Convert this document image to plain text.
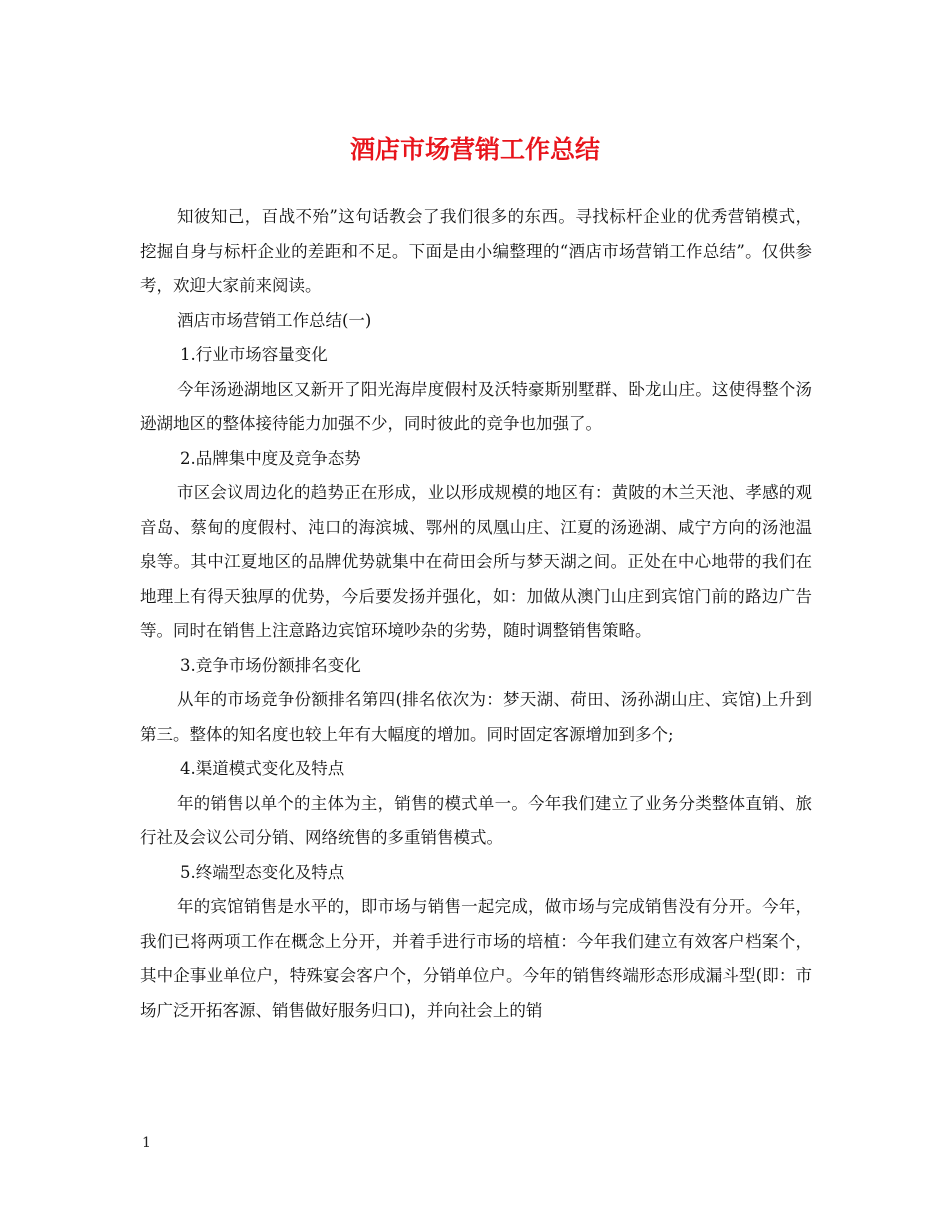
酒店市场营销工作总结

知彼知己，百战不殆”这句话教会了我们很多的东西。寻找标杆企业的优秀营销模式，挖掘自身与标杆企业的差距和不足。下面是由小编整理的“酒店市场营销工作总结”。仅供参考，欢迎大家前来阅读。

酒店市场营销工作总结(一)

1.行业市场容量变化

今年汤逊湖地区又新开了阳光海岸度假村及沃特豪斯别墅群、卧龙山庄。这使得整个汤逊湖地区的整体接待能力加强不少，同时彼此的竞争也加强了。

2.品牌集中度及竞争态势

市区会议周边化的趋势正在形成，业以形成规模的地区有：黄陂的木兰天池、孝感的观音岛、蔡甸的度假村、沌口的海滨城、鄂州的凤凰山庄、江夏的汤逊湖、咸宁方向的汤池温泉等。其中江夏地区的品牌优势就集中在荷田会所与梦天湖之间。正处在中心地带的我们在地理上有得天独厚的优势，今后要发扬并强化，如：加做从澳门山庄到宾馆门前的路边广告等。同时在销售上注意路边宾馆环境吵杂的劣势，随时调整销售策略。

3.竞争市场份额排名变化

从年的市场竞争份额排名第四(排名依次为：梦天湖、荷田、汤孙湖山庄、宾馆)上升到第三。整体的知名度也较上年有大幅度的增加。同时固定客源增加到多个;

4.渠道模式变化及特点

年的销售以单个的主体为主，销售的模式单一。今年我们建立了业务分类整体直销、旅行社及会议公司分销、网络统售的多重销售模式。

5.终端型态变化及特点

年的宾馆销售是水平的，即市场与销售一起完成，做市场与完成销售没有分开。今年，我们已将两项工作在概念上分开，并着手进行市场的培植：今年我们建立有效客户档案个，其中企事业单位户，特殊宴会客户个，分销单位户。今年的销售终端形态形成漏斗型(即：市场广泛开拓客源、销售做好服务归口)，并向社会上的销

1
